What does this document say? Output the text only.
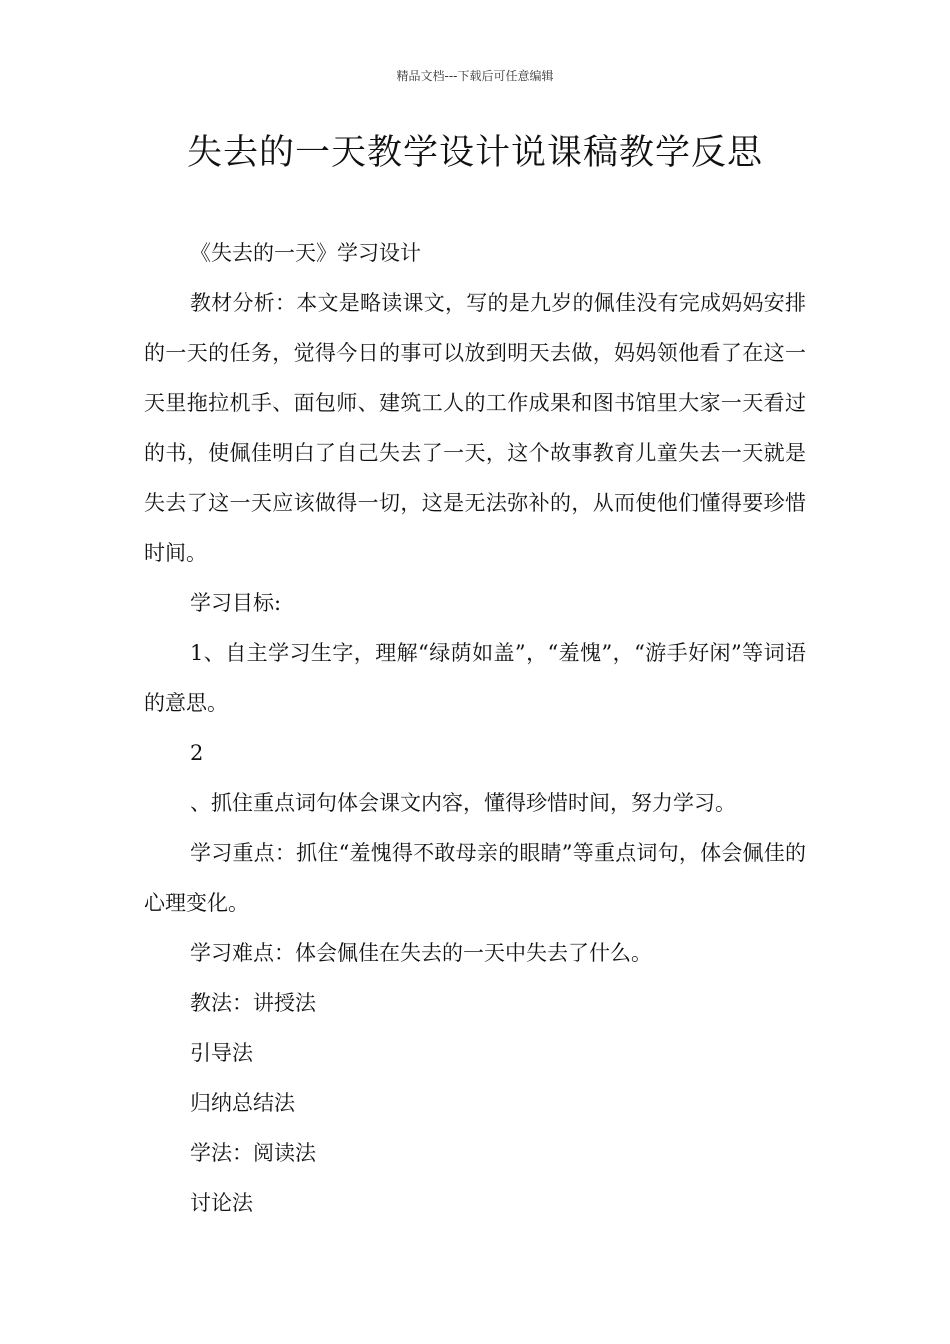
精品文档---下载后可任意编辑
失去的一天教学设计说课稿教学反思

《失去的一天》学习设计

教材分析：本文是略读课文，写的是九岁的佩佳没有完成妈妈安排的一天的任务，觉得今日的事可以放到明天去做，妈妈领他看了在这一天里拖拉机手、面包师、建筑工人的工作成果和图书馆里大家一天看过的书，使佩佳明白了自己失去了一天，这个故事教育儿童失去一天就是失去了这一天应该做得一切，这是无法弥补的，从而使他们懂得要珍惜时间。

学习目标:

1、自主学习生字，理解“绿荫如盖”，“羞愧”，“游手好闲”等词语的意思。

2

、抓住重点词句体会课文内容，懂得珍惜时间，努力学习。

学习重点：抓住“羞愧得不敢母亲的眼睛”等重点词句，体会佩佳的心理变化。

学习难点：体会佩佳在失去的一天中失去了什么。

教法：讲授法

引导法

归纳总结法

学法：阅读法

讨论法
